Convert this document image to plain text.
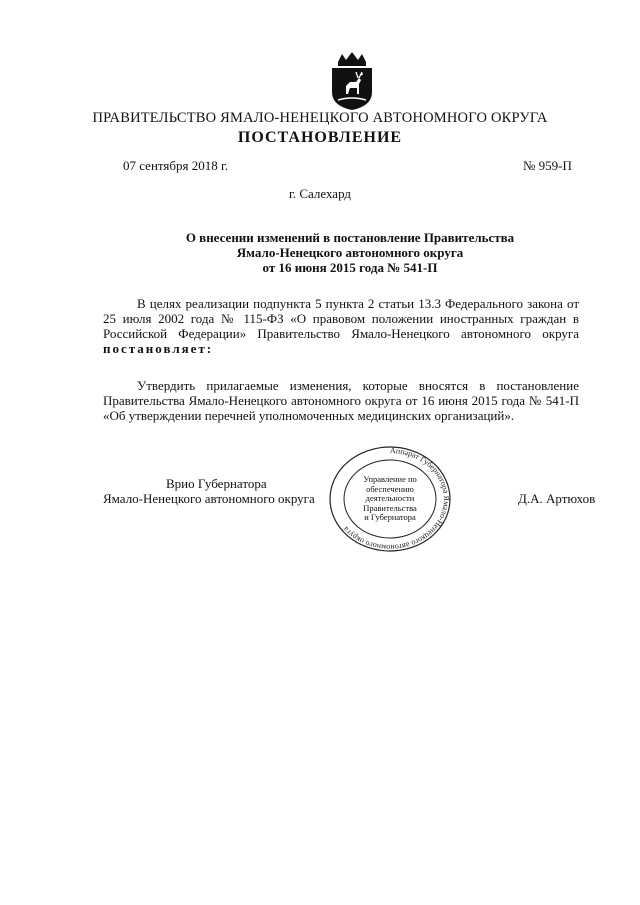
ПРАВИТЕЛЬСТВО ЯМАЛО-НЕНЕЦКОГО АВТОНОМНОГО ОКРУГА
ПОСТАНОВЛЕНИЕ
07 сентября 2018 г.	№ 959-П
г. Салехард
О внесении изменений в постановление Правительства
Ямало-Ненецкого автономного округа
от 16 июня 2015 года № 541-П
В целях реализации подпункта 5 пункта 2 статьи 13.3 Федерального закона от 25 июля 2002 года № 115-ФЗ «О правовом положении иностранных граждан в Российской Федерации» Правительство Ямало-Ненецкого автономного округа постановляет:
Утвердить прилагаемые изменения, которые вносятся в постановление Правительства Ямало-Ненецкого автономного округа от 16 июня 2015 года № 541-П «Об утверждении перечней уполномоченных медицинских организаций».
Аппарат Губернатора Ямало-Ненецкого автономного округа
Управление по
обеспечению
деятельности
Правительства
и Губернатора
Врио Губернатора
Ямало-Ненецкого автономного округа	Д.А. Артюхов
